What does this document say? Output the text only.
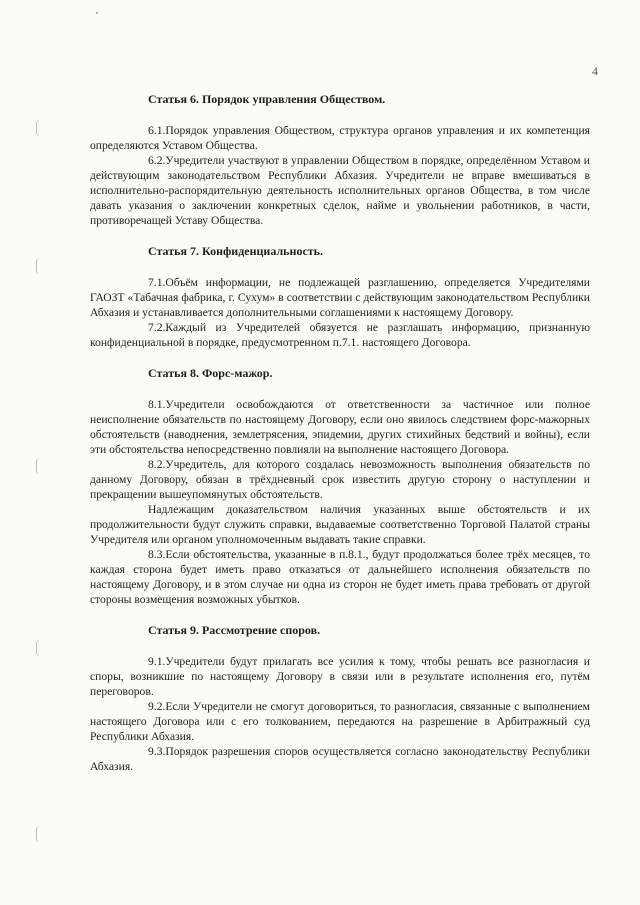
4
Статья 6. Порядок управления Обществом.

6.1.Порядок управления Обществом, структура органов управления и их компетенция определяются Уставом Общества.

6.2.Учредители участвуют в управлении Обществом в порядке, определённом Уставом и действующим законодательством Республики Абхазия. Учредители не вправе вмешиваться в исполнительно-распорядительную деятельность исполнительных органов Общества, в том числе давать указания о заключении конкретных сделок, найме и увольнении работников, в части, противоречащей Уставу Общества.

Статья 7. Конфиденциальность.

7.1.Объём информации, не подлежащей разглашению, определяется Учредителями ГАОЗТ «Табачная фабрика, г. Сухум» в соответствии с действующим законодательством Республики Абхазия и устанавливается дополнительными соглашениями к настоящему Договору.

7.2.Каждый из Учредителей обязуется не разглашать информацию, признанную конфиденциальной в порядке, предусмотренном п.7.1. настоящего Договора.

Статья 8. Форс-мажор.

8.1.Учредители освобождаются от ответственности за частичное или полное неисполнение обязательств по настоящему Договору, если оно явилось следствием форс-мажорных обстоятельств (наводнения, землетрясения, эпидемии, других стихийных бедствий и войны), если эти обстоятельства непосредственно повлияли на выполнение настоящего Договора.

8.2.Учредитель, для которого создалась невозможность выполнения обязательств по данному Договору, обязан в трёхдневный срок известить другую сторону о наступлении и прекращении вышеупомянутых обстоятельств.

Надлежащим доказательством наличия указанных выше обстоятельств и их продолжительности будут служить справки, выдаваемые соответственно Торговой Палатой страны Учредителя или органом уполномоченным выдавать такие справки.

8.3.Если обстоятельства, указанные в п.8.1., будут продолжаться более трёх месяцев, то каждая сторона будет иметь право отказаться от дальнейшего исполнения обязательств по настоящему Договору, и в этом случае ни одна из сторон не будет иметь права требовать от другой стороны возмещения возможных убытков.

Статья 9. Рассмотрение споров.

9.1.Учредители будут прилагать все усилия к тому, чтобы решать все разногласия и споры, возникшие по настоящему Договору в связи или в результате исполнения его, путём переговоров.

9.2.Если Учредители не смогут договориться, то разногласия, связанные с выполнением настоящего Договора или с его толкованием, передаются на разрешение в Арбитражный суд Республики Абхазия.

9.3.Порядок разрешения споров осуществляется согласно законодательству Республики Абхазия.
